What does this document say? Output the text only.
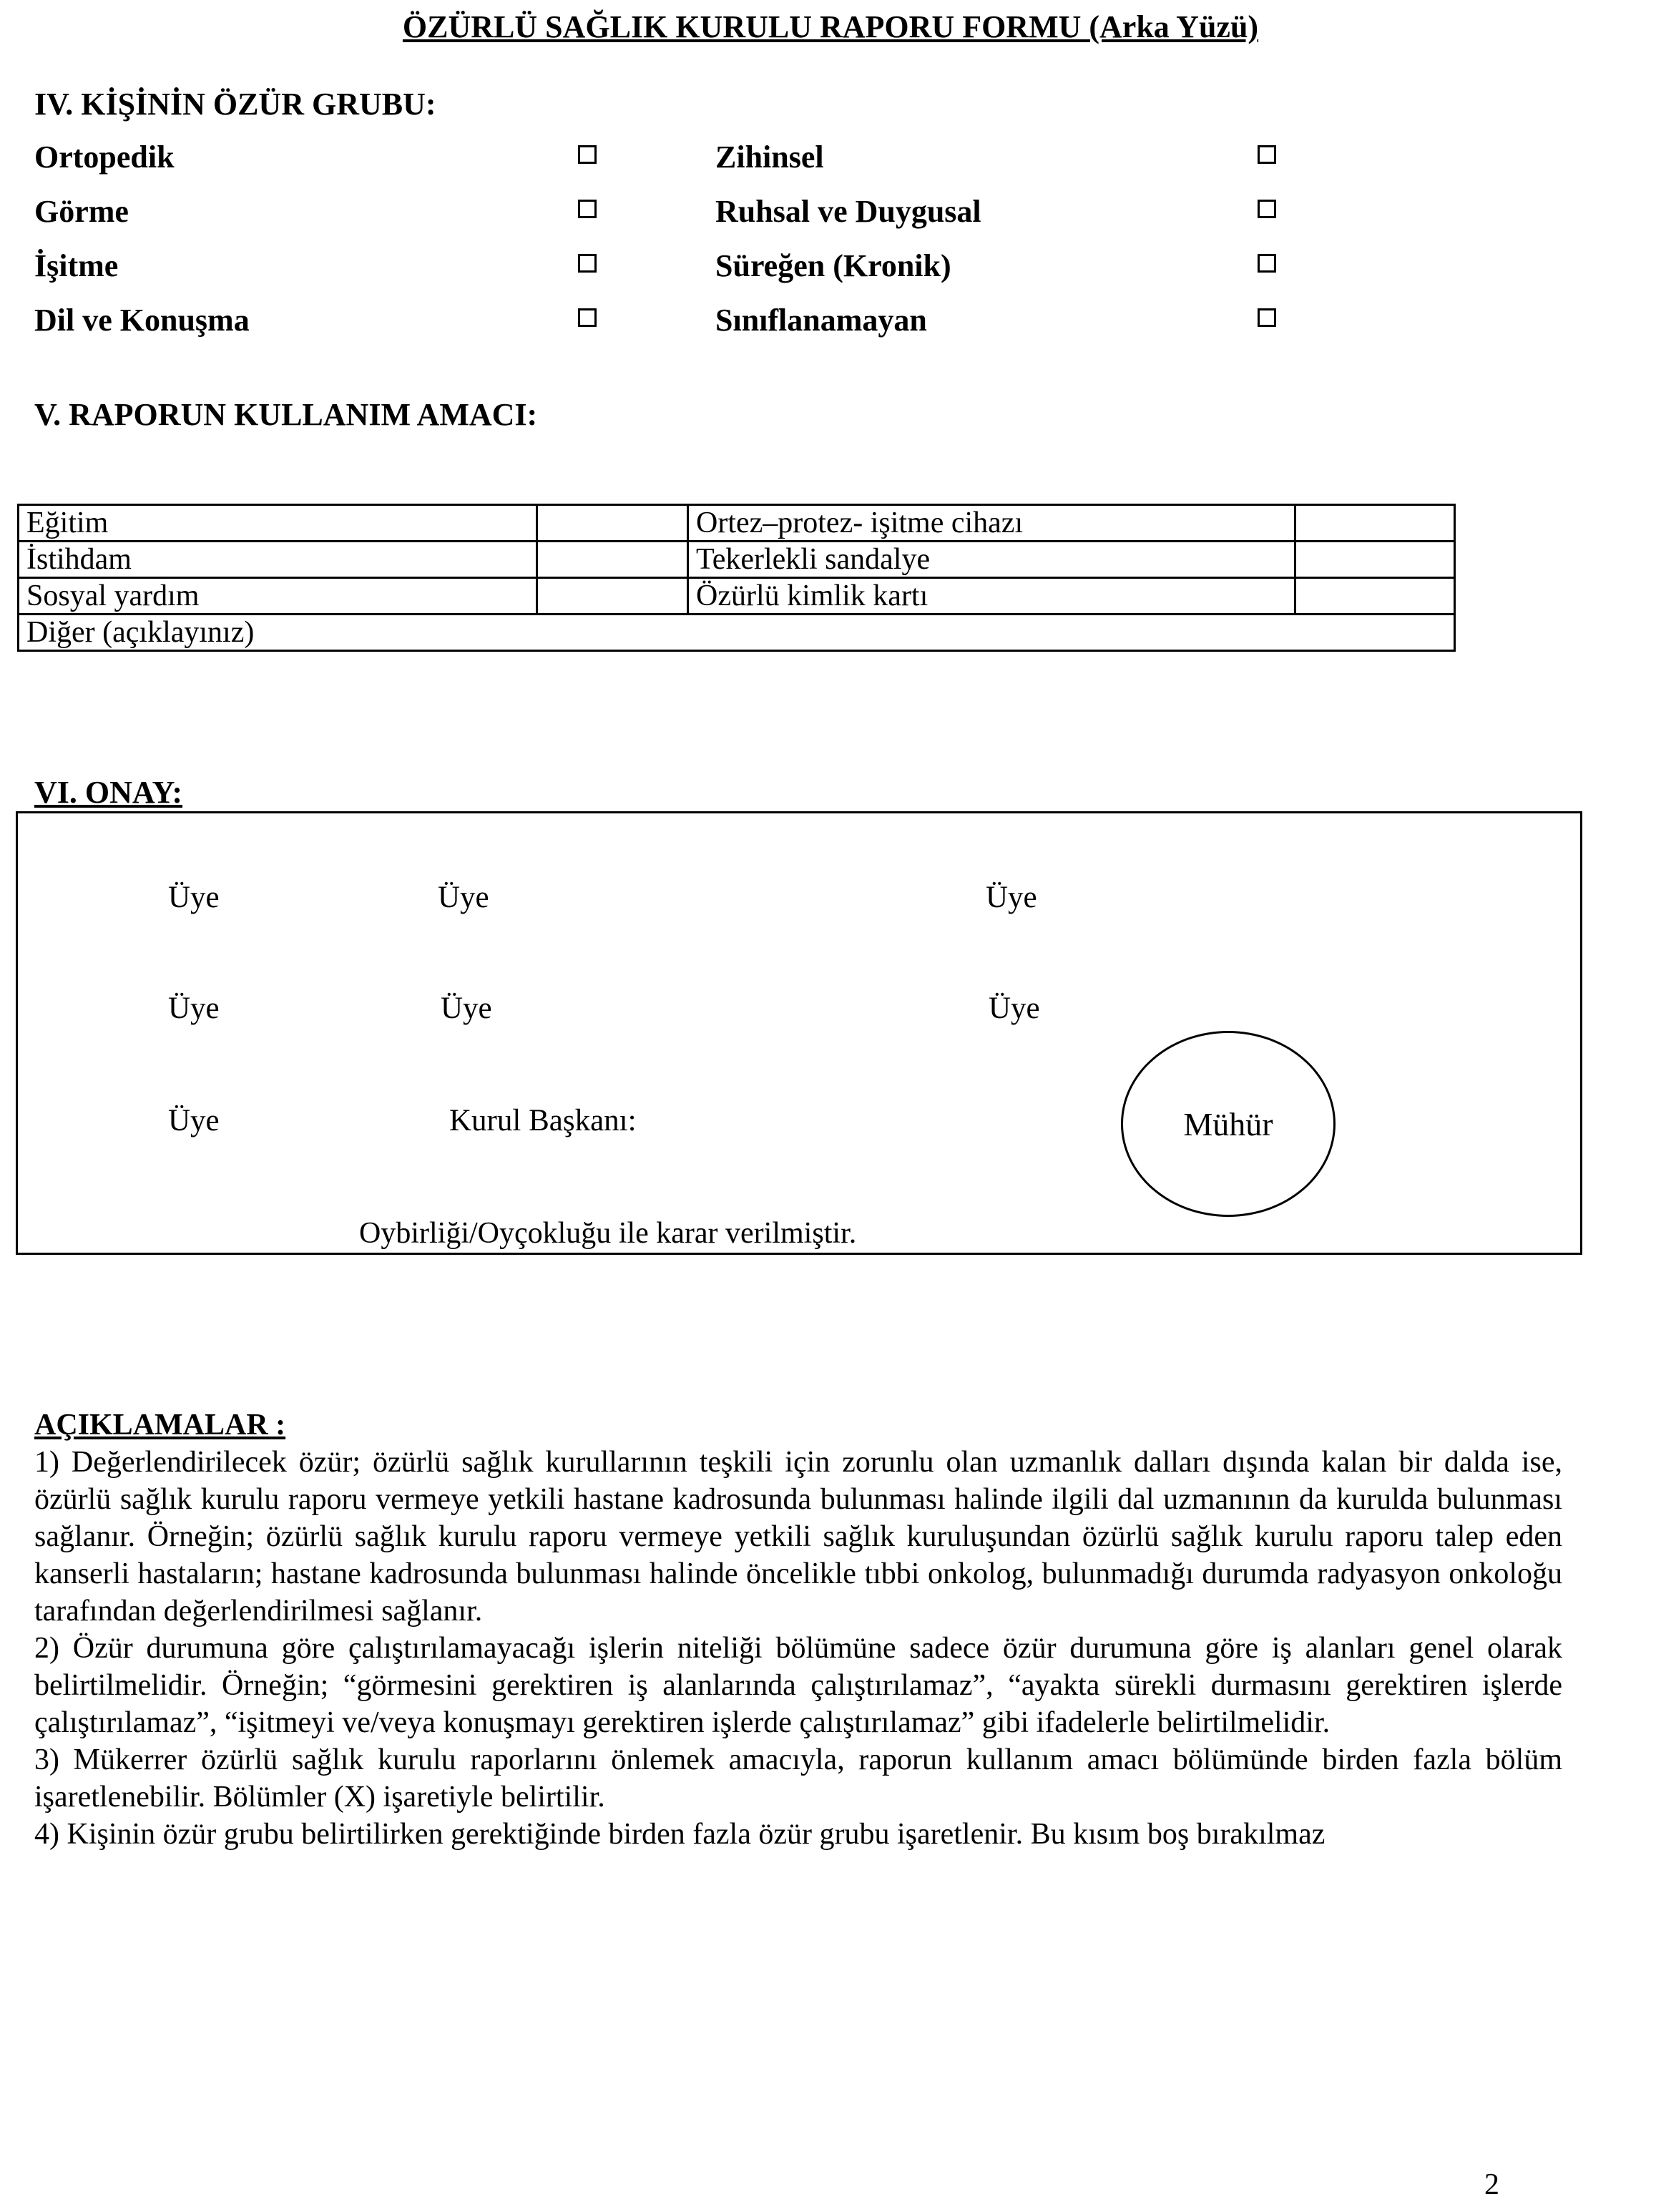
ÖZÜRLÜ SAĞLIK KURULU RAPORU FORMU (Arka Yüzü)
IV. KİŞİNİN ÖZÜR GRUBU:
Ortopedik	Zihinsel
Görme	Ruhsal ve Duygusal
İşitme	Süreğen (Kronik)
Dil ve Konuşma	Sınıflanamayan
V. RAPORUN KULLANIM AMACI:
Eğitim		Ortez–protez- işitme cihazı	
İstihdam		Tekerlekli sandalye	
Sosyal yardım		Özürlü kimlik kartı	
Diğer (açıklayınız)			
VI. ONAY:
Üye	Üye	Üye
Üye	Üye	Üye
Üye	Kurul Başkanı:	Mühür
Oybirliği/Oyçokluğu ile karar verilmiştir.

AÇIKLAMALAR :

1) Değerlendirilecek özür; özürlü sağlık kurullarının teşkili için zorunlu olan uzmanlık dalları dışında kalan bir dalda ise, özürlü sağlık kurulu raporu vermeye yetkili hastane kadrosunda bulunması halinde ilgili dal uzmanının da kurulda bulunması sağlanır. Örneğin; özürlü sağlık kurulu raporu vermeye yetkili sağlık kuruluşundan özürlü sağlık kurulu raporu talep eden kanserli hastaların; hastane kadrosunda bulunması halinde öncelikle tıbbi onkolog, bulunmadığı durumda radyasyon onkoloğu tarafından değerlendirilmesi sağlanır.

2) Özür durumuna göre çalıştırılamayacağı işlerin niteliği bölümüne sadece özür durumuna göre iş alanları genel olarak belirtilmelidir. Örneğin; “görmesini gerektiren iş alanlarında çalıştırılamaz”, “ayakta sürekli durmasını gerektiren işlerde çalıştırılamaz”, “işitmeyi ve/veya konuşmayı gerektiren işlerde çalıştırılamaz” gibi ifadelerle belirtilmelidir.

3) Mükerrer özürlü sağlık kurulu raporlarını önlemek amacıyla, raporun kullanım amacı bölümünde birden fazla bölüm işaretlenebilir. Bölümler (X) işaretiyle belirtilir.

4) Kişinin özür grubu belirtilirken gerektiğinde birden fazla özür grubu işaretlenir. Bu kısım boş bırakılmaz

2
